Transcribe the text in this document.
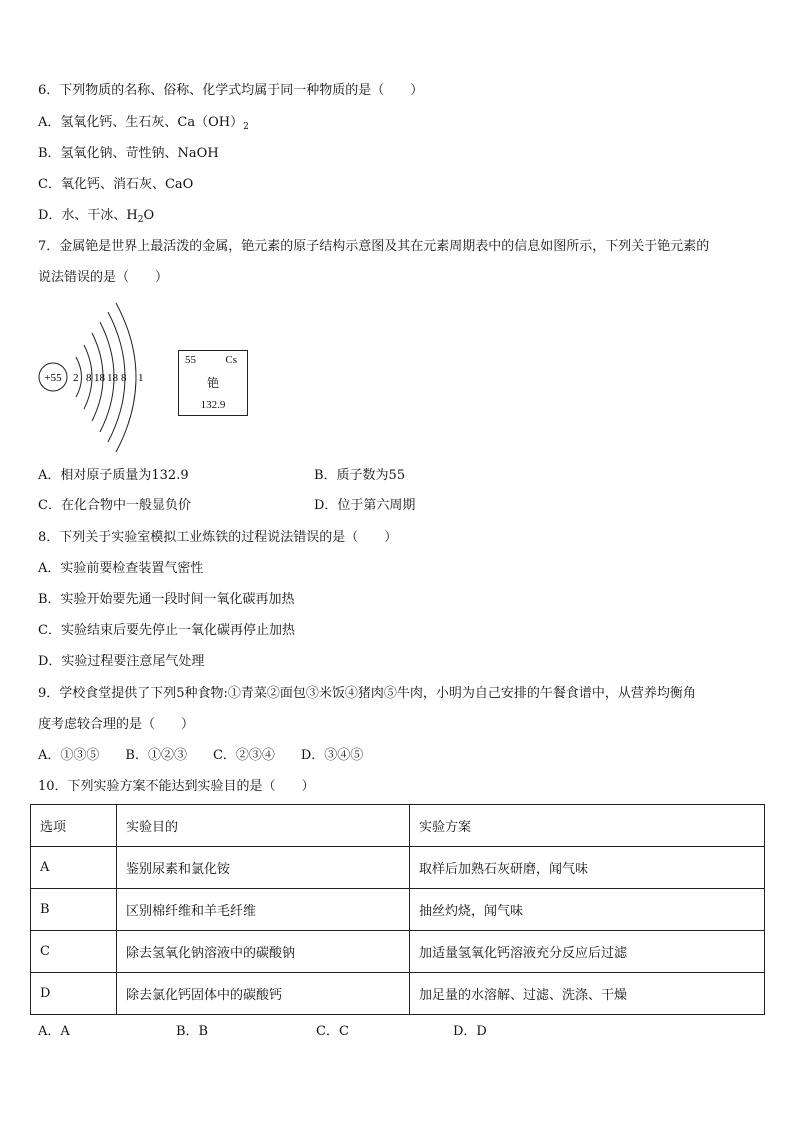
6．下列物质的名称、俗称、化学式均属于同一种物质的是（　　）
A．氢氧化钙、生石灰、$Ca(OH)_2$
B．氢氧化钠、苛性钠、NaOH
C．氧化钙、消石灰、CaO
D．水、干冰、$H_2O$
7．金属铯是世界上最活泼的金属，铯元素的原子结构示意图及其在元素周期表中的信息如图所示，下列关于铯元素的
说法错误的是（　　）
+55 2 8 18 18 8 1
55	Cs
铯
132.9
A．相对原子质量为132.9	B．质子数为55
C．在化合物中一般显负价	D．位于第六周期
8．下列关于实验室模拟工业炼铁的过程说法错误的是（　　）
A．实验前要检查装置气密性
B．实验开始要先通一段时间一氧化碳再加热
C．实验结束后要先停止一氧化碳再停止加热
D．实验过程要注意尾气处理
9．学校食堂提供了下列5种食物:①青菜②面包③米饭④猪肉⑤牛肉，小明为自己安排的午餐食谱中，从营养均衡角
度考虑较合理的是（　　）
A．①③⑤　　B．①②③　　C．②③④　　D．③④⑤
10．下列实验方案不能达到实验目的是（　　）
选项	实验目的	实验方案
A	鉴别尿素和氯化铵	取样后加熟石灰研磨，闻气味
B	区别棉纤维和羊毛纤维	抽丝灼烧，闻气味
C	除去氢氧化钠溶液中的碳酸钠	加适量氢氧化钙溶液充分反应后过滤
D	除去氯化钙固体中的碳酸钙	加足量的水溶解、过滤、洗涤、干燥
A．A	B．B	C．C	D．D
